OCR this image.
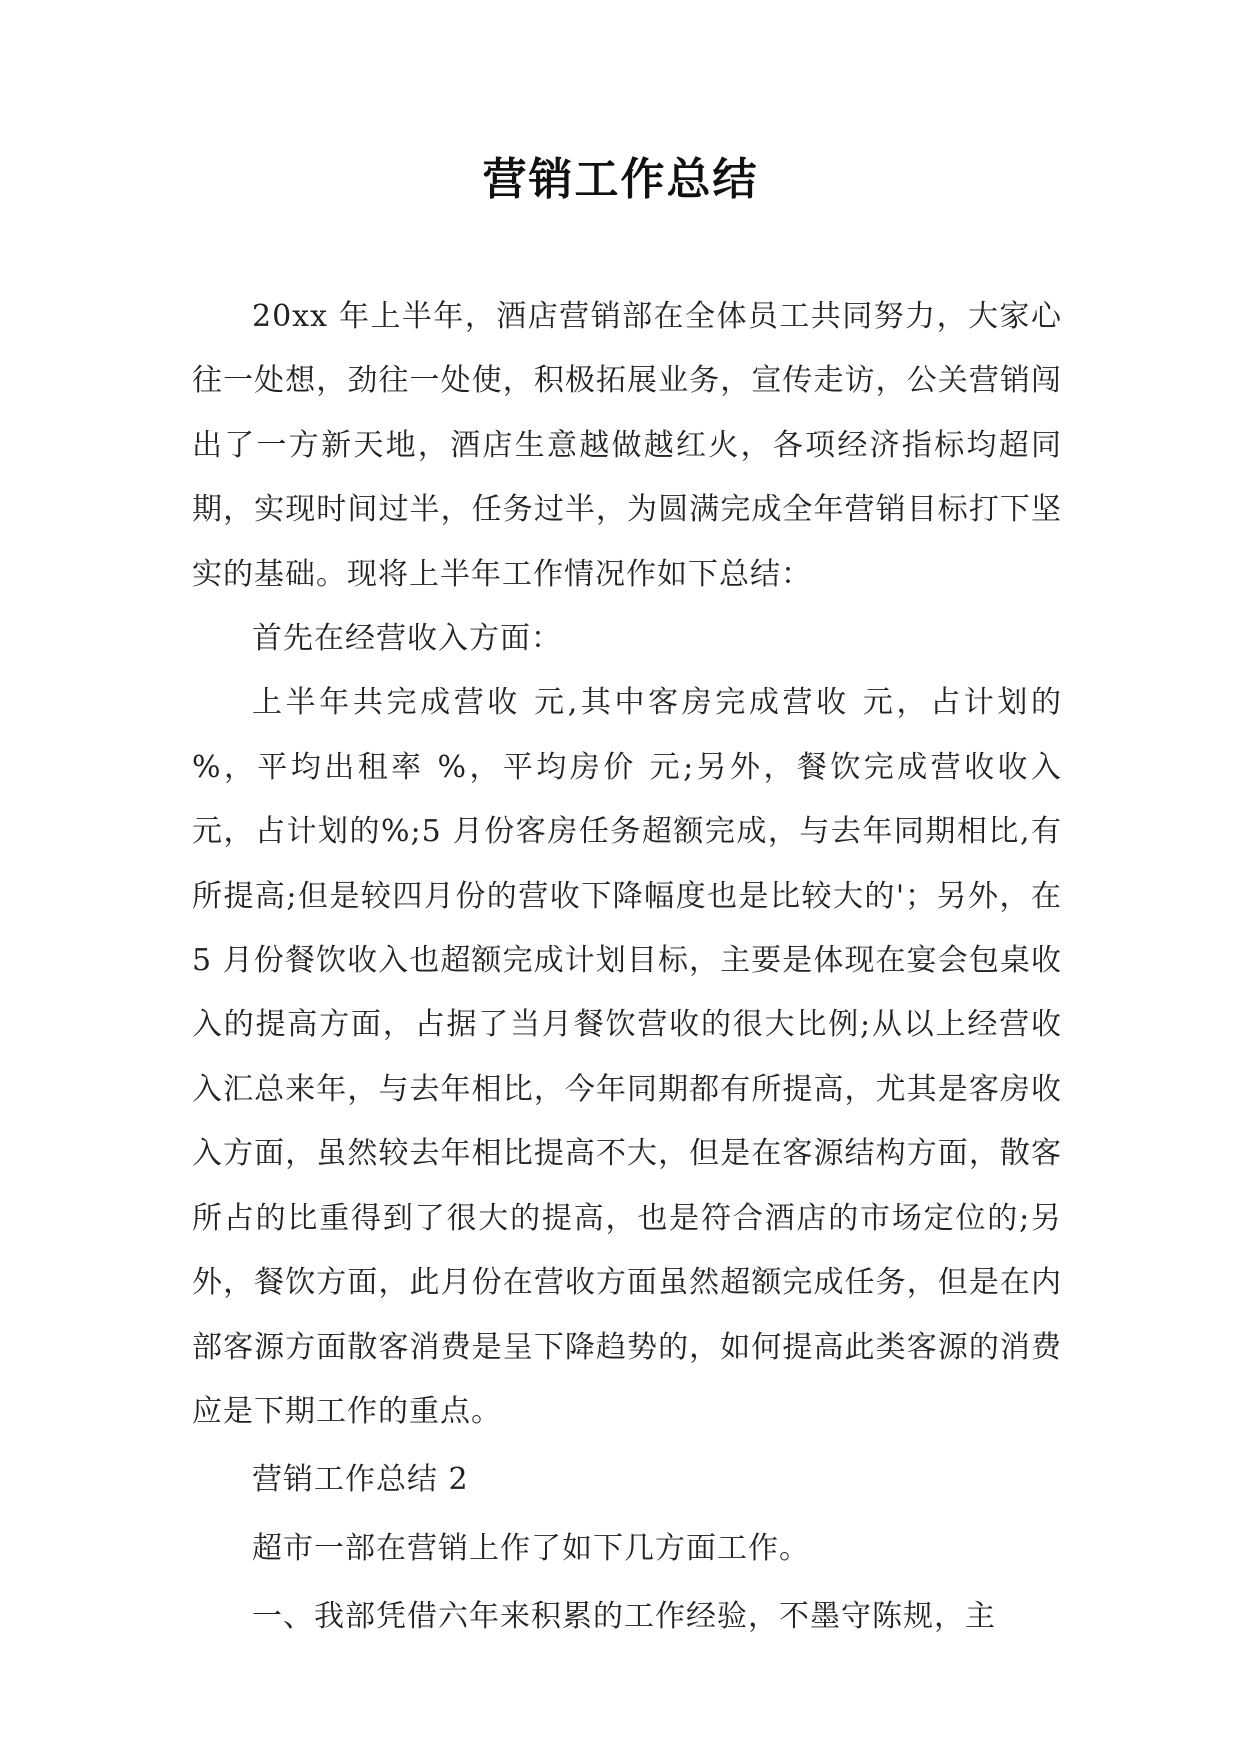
营销工作总结

20xx 年上半年，酒店营销部在全体员工共同努力，大家心往一处想，劲往一处使，积极拓展业务，宣传走访，公关营销闯出了一方新天地，酒店生意越做越红火，各项经济指标均超同期，实现时间过半，任务过半，为圆满完成全年营销目标打下坚实的基础。现将上半年工作情况作如下总结：

首先在经营收入方面：

上半年共完成营收 元,其中客房完成营收 元，占计划的 %，平均出租率 %，平均房价 元;另外，餐饮完成营收收入 元，占计划的%;5 月份客房任务超额完成，与去年同期相比,有所提高;但是较四月份的营收下降幅度也是比较大的'；另外，在 5 月份餐饮收入也超额完成计划目标，主要是体现在宴会包桌收入的提高方面，占据了当月餐饮营收的很大比例;从以上经营收入汇总来年，与去年相比，今年同期都有所提高，尤其是客房收入方面，虽然较去年相比提高不大，但是在客源结构方面，散客所占的比重得到了很大的提高，也是符合酒店的市场定位的;另外，餐饮方面，此月份在营收方面虽然超额完成任务，但是在内部客源方面散客消费是呈下降趋势的，如何提高此类客源的消费应是下期工作的重点。

营销工作总结 2

超市一部在营销上作了如下几方面工作。

一、我部凭借六年来积累的工作经验，不墨守陈规，主
